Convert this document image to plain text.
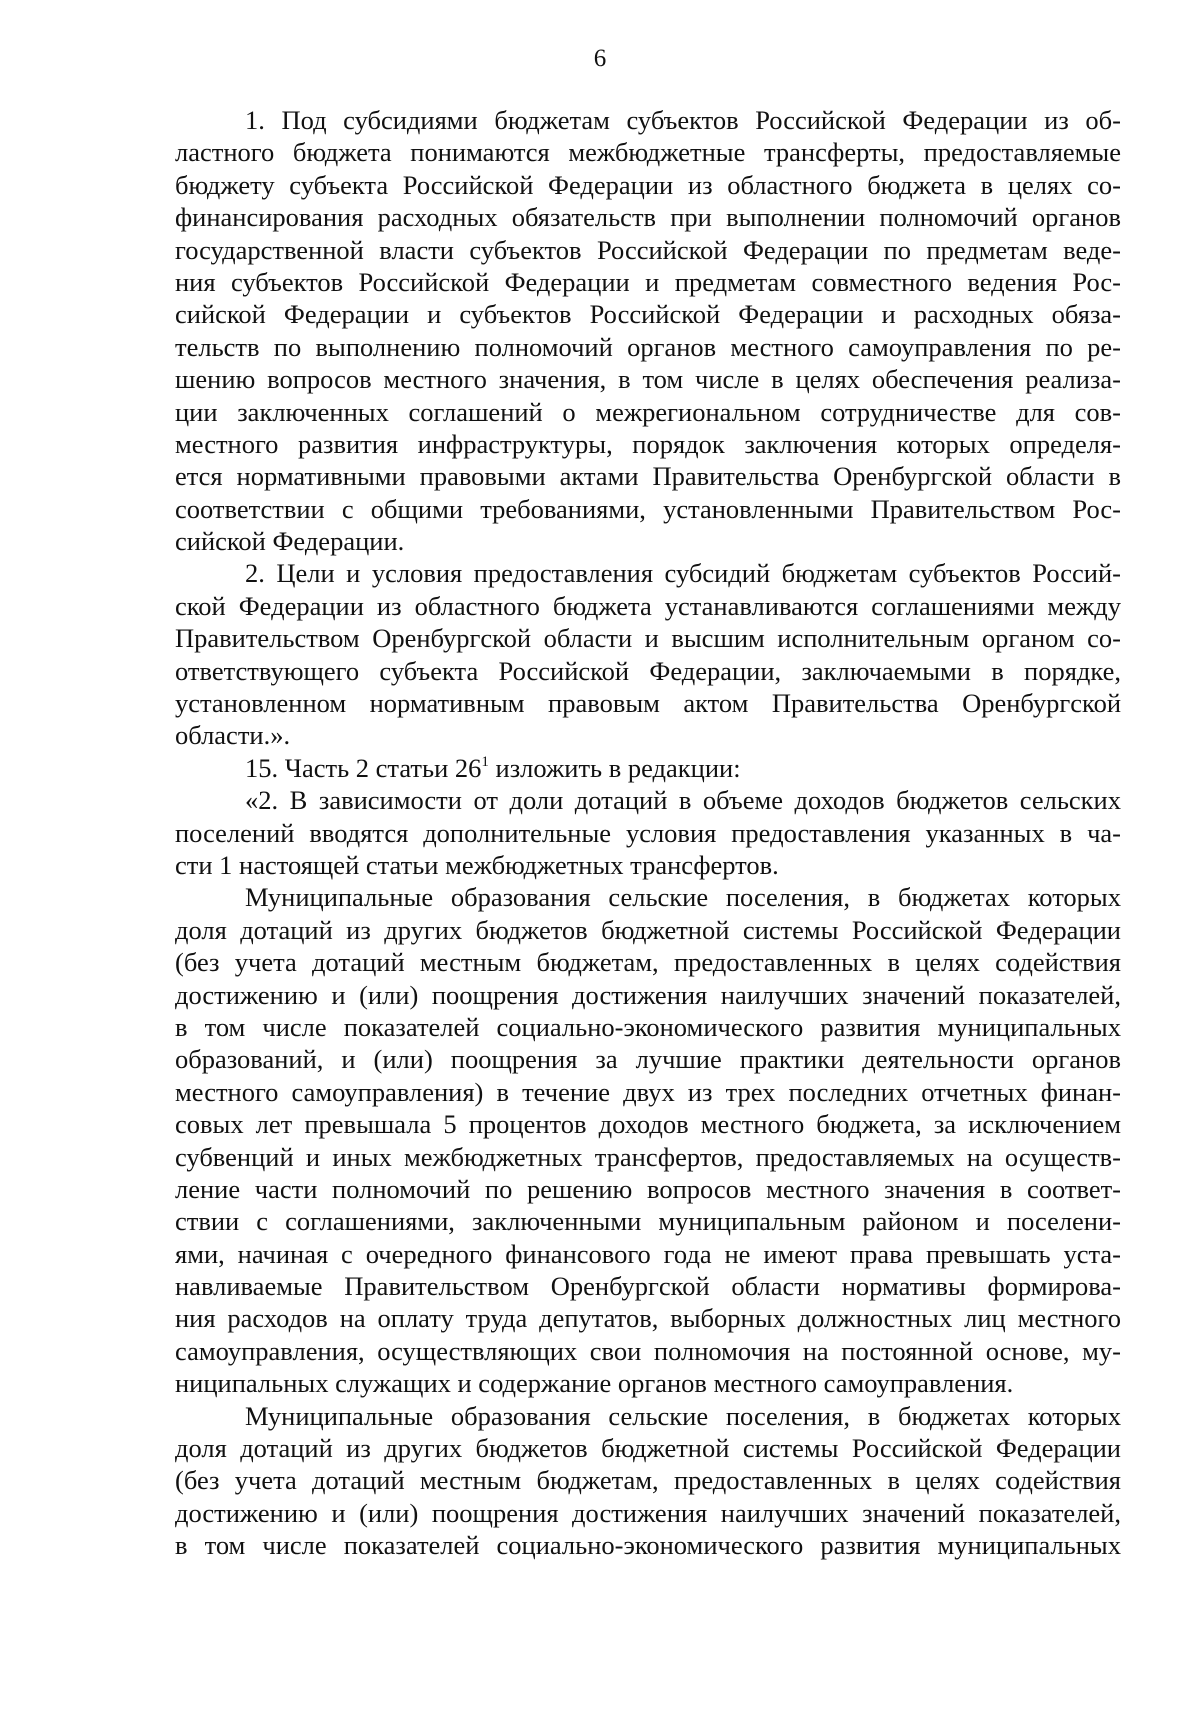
6
1. Под субсидиями бюджетам субъектов Российской Федерации из об-
ластного бюджета понимаются межбюджетные трансферты, предоставляемые
бюджету субъекта Российской Федерации из областного бюджета в целях со-
финансирования расходных обязательств при выполнении полномочий органов
государственной власти субъектов Российской Федерации по предметам веде-
ния субъектов Российской Федерации и предметам совместного ведения Рос-
сийской Федерации и субъектов Российской Федерации и расходных обяза-
тельств по выполнению полномочий органов местного самоуправления по ре-
шению вопросов местного значения, в том числе в целях обеспечения реализа-
ции заключенных соглашений о межрегиональном сотрудничестве для сов-
местного развития инфраструктуры, порядок заключения которых определя-
ется нормативными правовыми актами Правительства Оренбургской области в
соответствии с общими требованиями, установленными Правительством Рос-
сийской Федерации.
2. Цели и условия предоставления субсидий бюджетам субъектов Россий-
ской Федерации из областного бюджета устанавливаются соглашениями между
Правительством Оренбургской области и высшим исполнительным органом со-
ответствующего субъекта Российской Федерации, заключаемыми в порядке,
установленном нормативным правовым актом Правительства Оренбургской
области.».
15. Часть 2 статьи $26^1$ изложить в редакции:
«2. В зависимости от доли дотаций в объеме доходов бюджетов сельских
поселений вводятся дополнительные условия предоставления указанных в ча-
сти 1 настоящей статьи межбюджетных трансфертов.
Муниципальные образования сельские поселения, в бюджетах которых
доля дотаций из других бюджетов бюджетной системы Российской Федерации
(без учета дотаций местным бюджетам, предоставленных в целях содействия
достижению и (или) поощрения достижения наилучших значений показателей,
в том числе показателей социально-экономического развития муниципальных
образований, и (или) поощрения за лучшие практики деятельности органов
местного самоуправления) в течение двух из трех последних отчетных финан-
совых лет превышала 5 процентов доходов местного бюджета, за исключением
субвенций и иных межбюджетных трансфертов, предоставляемых на осуществ-
ление части полномочий по решению вопросов местного значения в соответ-
ствии с соглашениями, заключенными муниципальным районом и поселени-
ями, начиная с очередного финансового года не имеют права превышать уста-
навливаемые Правительством Оренбургской области нормативы формирова-
ния расходов на оплату труда депутатов, выборных должностных лиц местного
самоуправления, осуществляющих свои полномочия на постоянной основе, му-
ниципальных служащих и содержание органов местного самоуправления.
Муниципальные образования сельские поселения, в бюджетах которых
доля дотаций из других бюджетов бюджетной системы Российской Федерации
(без учета дотаций местным бюджетам, предоставленных в целях содействия
достижению и (или) поощрения достижения наилучших значений показателей,
в том числе показателей социально-экономического развития муниципальных
